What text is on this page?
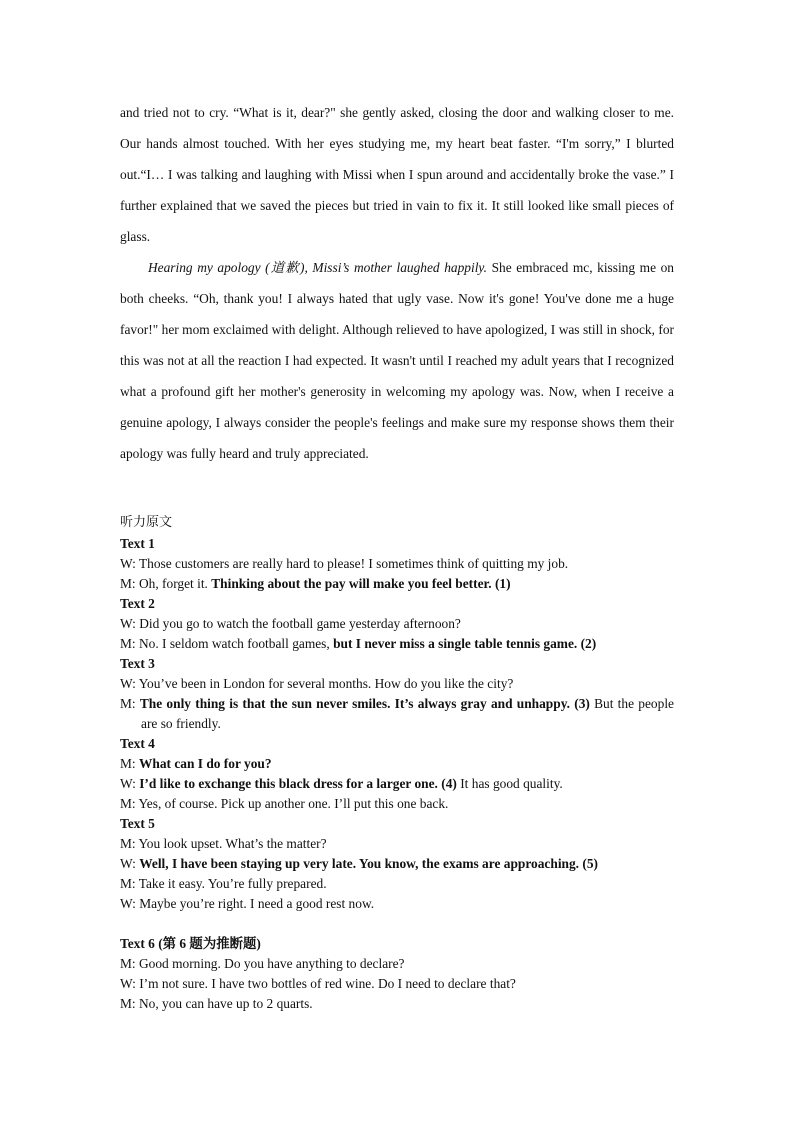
and tried not to cry. “What is it, dear?" she gently asked, closing the door and walking closer to me. Our hands almost touched. With her eyes studying me, my heart beat faster. “I'm sorry,” I blurted out.“I… I was talking and laughing with Missi when I spun around and accidentally broke the vase.” I further explained that we saved the pieces but tried in vain to fix it. It still looked like small pieces of glass.

Hearing my apology (道歉), Missi’s mother laughed happily. She embraced mc, kissing me on both cheeks. “Oh, thank you! I always hated that ugly vase. Now it's gone! You've done me a huge favor!" her mom exclaimed with delight. Although relieved to have apologized, I was still in shock, for this was not at all the reaction I had expected. It wasn't until I reached my adult years that I recognized what a profound gift her mother's generosity in welcoming my apology was. Now, when I receive a genuine apology, I always consider the people's feelings and make sure my response shows them their apology was fully heard and truly appreciated.

听力原文
Text 1

W: Those customers are really hard to please! I sometimes think of quitting my job.

M: Oh, forget it. Thinking about the pay will make you feel better. (1)

Text 2

W: Did you go to watch the football game yesterday afternoon?

M: No. I seldom watch football games, but I never miss a single table tennis game. (2)

Text 3

W: You’ve been in London for several months. How do you like the city?

M: The only thing is that the sun never smiles. It’s always gray and unhappy. (3) But the people are so friendly.

Text 4

M: What can I do for you?

W: I’d like to exchange this black dress for a larger one. (4) It has good quality.

M: Yes, of course. Pick up another one. I’ll put this one back.

Text 5

M: You look upset. What’s the matter?

W: Well, I have been staying up very late. You know, the exams are approaching. (5)

M: Take it easy. You’re fully prepared.

W: Maybe you’re right. I need a good rest now.

Text 6 (第 6 题为推断题)

M: Good morning. Do you have anything to declare?

W: I’m not sure. I have two bottles of red wine. Do I need to declare that?

M: No, you can have up to 2 quarts.
